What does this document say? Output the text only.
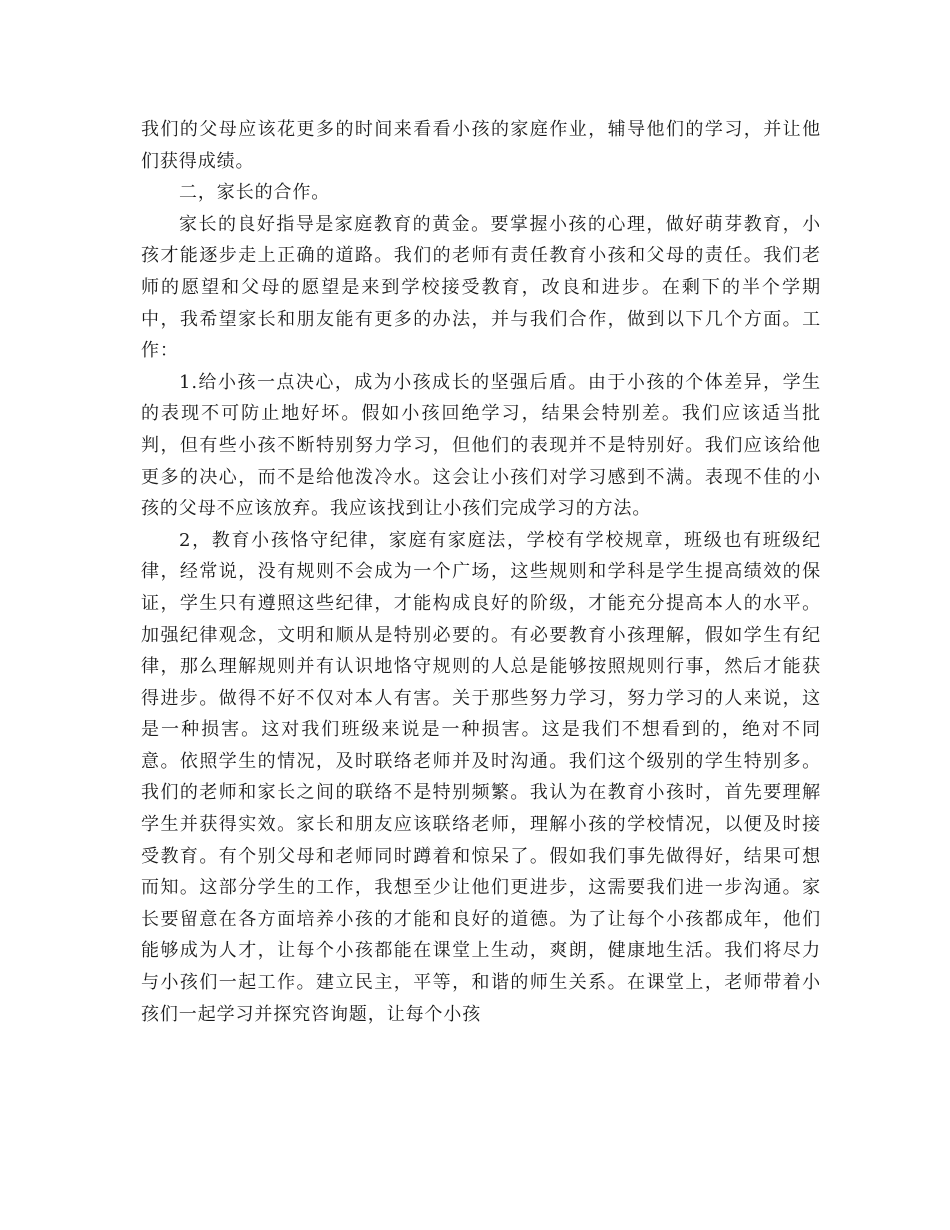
我们的父母应该花更多的时间来看看小孩的家庭作业，辅导他们的学习，并让他们获得成绩。

二，家长的合作。

家长的良好指导是家庭教育的黄金。要掌握小孩的心理，做好萌芽教育，小孩才能逐步走上正确的道路。我们的老师有责任教育小孩和父母的责任。我们老师的愿望和父母的愿望是来到学校接受教育，改良和进步。在剩下的半个学期中，我希望家长和朋友能有更多的办法，并与我们合作，做到以下几个方面。工作：

1.给小孩一点决心，成为小孩成长的坚强后盾。由于小孩的个体差异，学生的表现不可防止地好坏。假如小孩回绝学习，结果会特别差。我们应该适当批判，但有些小孩不断特别努力学习，但他们的表现并不是特别好。我们应该给他更多的决心，而不是给他泼冷水。这会让小孩们对学习感到不满。表现不佳的小孩的父母不应该放弃。我应该找到让小孩们完成学习的方法。

2，教育小孩恪守纪律，家庭有家庭法，学校有学校规章，班级也有班级纪律，经常说，没有规则不会成为一个广场，这些规则和学科是学生提高绩效的保证，学生只有遵照这些纪律，才能构成良好的阶级，才能充分提高本人的水平。加强纪律观念，文明和顺从是特别必要的。有必要教育小孩理解，假如学生有纪律，那么理解规则并有认识地恪守规则的人总是能够按照规则行事，然后才能获得进步。做得不好不仅对本人有害。关于那些努力学习，努力学习的人来说，这是一种损害。这对我们班级来说是一种损害。这是我们不想看到的，绝对不同意。依照学生的情况，及时联络老师并及时沟通。我们这个级别的学生特别多。我们的老师和家长之间的联络不是特别频繁。我认为在教育小孩时，首先要理解学生并获得实效。家长和朋友应该联络老师，理解小孩的学校情况，以便及时接受教育。有个别父母和老师同时蹲着和惊呆了。假如我们事先做得好，结果可想而知。这部分学生的工作，我想至少让他们更进步，这需要我们进一步沟通。家长要留意在各方面培养小孩的才能和良好的道德。为了让每个小孩都成年，他们能够成为人才，让每个小孩都能在课堂上生动，爽朗，健康地生活。我们将尽力与小孩们一起工作。建立民主，平等，和谐的师生关系。在课堂上，老师带着小孩们一起学习并探究咨询题，让每个小孩
